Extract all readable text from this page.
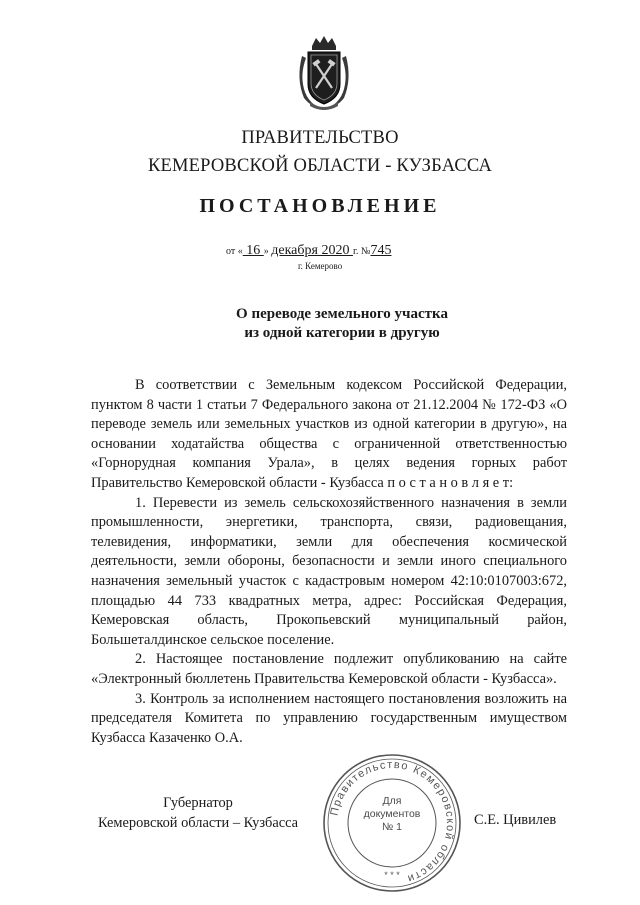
ПРАВИТЕЛЬСТВО
КЕМЕРОВСКОЙ ОБЛАСТИ - КУЗБАССА
ПОСТАНОВЛЕНИЕ
от « 16 » декабря 2020 г. №745
г. Кемерово
О переводе земельного участка
из одной категории в другую

В соответствии с Земельным кодексом Российской Федерации, пунктом 8 части 1 статьи 7 Федерального закона от 21.12.2004 № 172-ФЗ «О переводе земель или земельных участков из одной категории в другую», на основании ходатайства общества с ограниченной ответственностью «Горнорудная компания Урала», в целях ведения горных работ Правительство Кемеровской области - Кузбасса п о с т а н о в л я е т:

1. Перевести из земель сельскохозяйственного назначения в земли промышленности, энергетики, транспорта, связи, радиовещания, телевидения, информатики, земли для обеспечения космической деятельности, земли обороны, безопасности и земли иного специального назначения земельный участок с кадастровым номером 42:10:0107003:672, площадью 44 733 квадратных метра, адрес: Российская Федерация, Кемеровская область, Прокопьевский муниципальный район, Большеталдинское сельское поселение.

2. Настоящее постановление подлежит опубликованию на сайте «Электронный бюллетень Правительства Кемеровской области - Кузбасса».

3. Контроль за исполнением настоящего постановления возложить на председателя Комитета по управлению государственным имуществом Кузбасса Казаченко О.А.

Губернатор
Кемеровской области – Кузбасса
Правительство Кемеровской области
* * *
Для
документов
№ 1	С.Е. Цивилев
